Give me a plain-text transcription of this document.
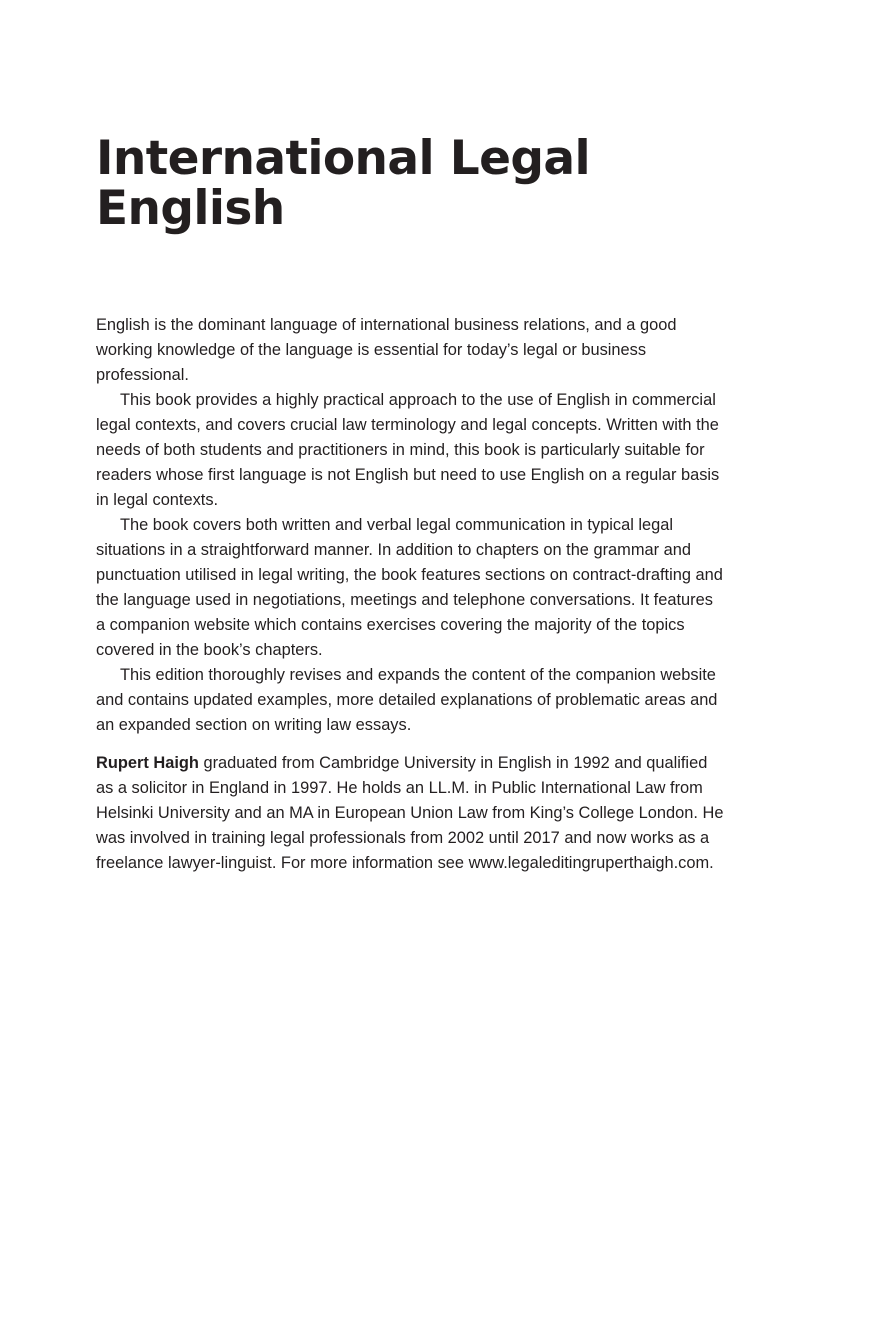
International Legal
English

English is the dominant language of international business relations, and a good working knowledge of the language is essential for today’s legal or business professional.

This book provides a highly practical approach to the use of English in commercial legal contexts, and covers crucial law terminology and legal concepts. Written with the needs of both students and practitioners in mind, this book is particularly suitable for readers whose first language is not English but need to use English on a regular basis in legal contexts.

The book covers both written and verbal legal communication in typical legal situations in a straightforward manner. In addition to chapters on the grammar and punctuation utilised in legal writing, the book features sections on contract-drafting and the language used in negotiations, meetings and telephone conversations. It features a companion website which contains exercises covering the majority of the topics covered in the book’s chapters.

This edition thoroughly revises and expands the content of the companion website and contains updated examples, more detailed explanations of problematic areas and an expanded section on writing law essays.

Rupert Haigh graduated from Cambridge University in English in 1992 and qualified as a solicitor in England in 1997. He holds an LL.M. in Public International Law from Helsinki University and an MA in European Union Law from King’s College London. He was involved in training legal professionals from 2002 until 2017 and now works as a freelance lawyer-linguist. For more information see www.legaleditingruperthaigh.com.
